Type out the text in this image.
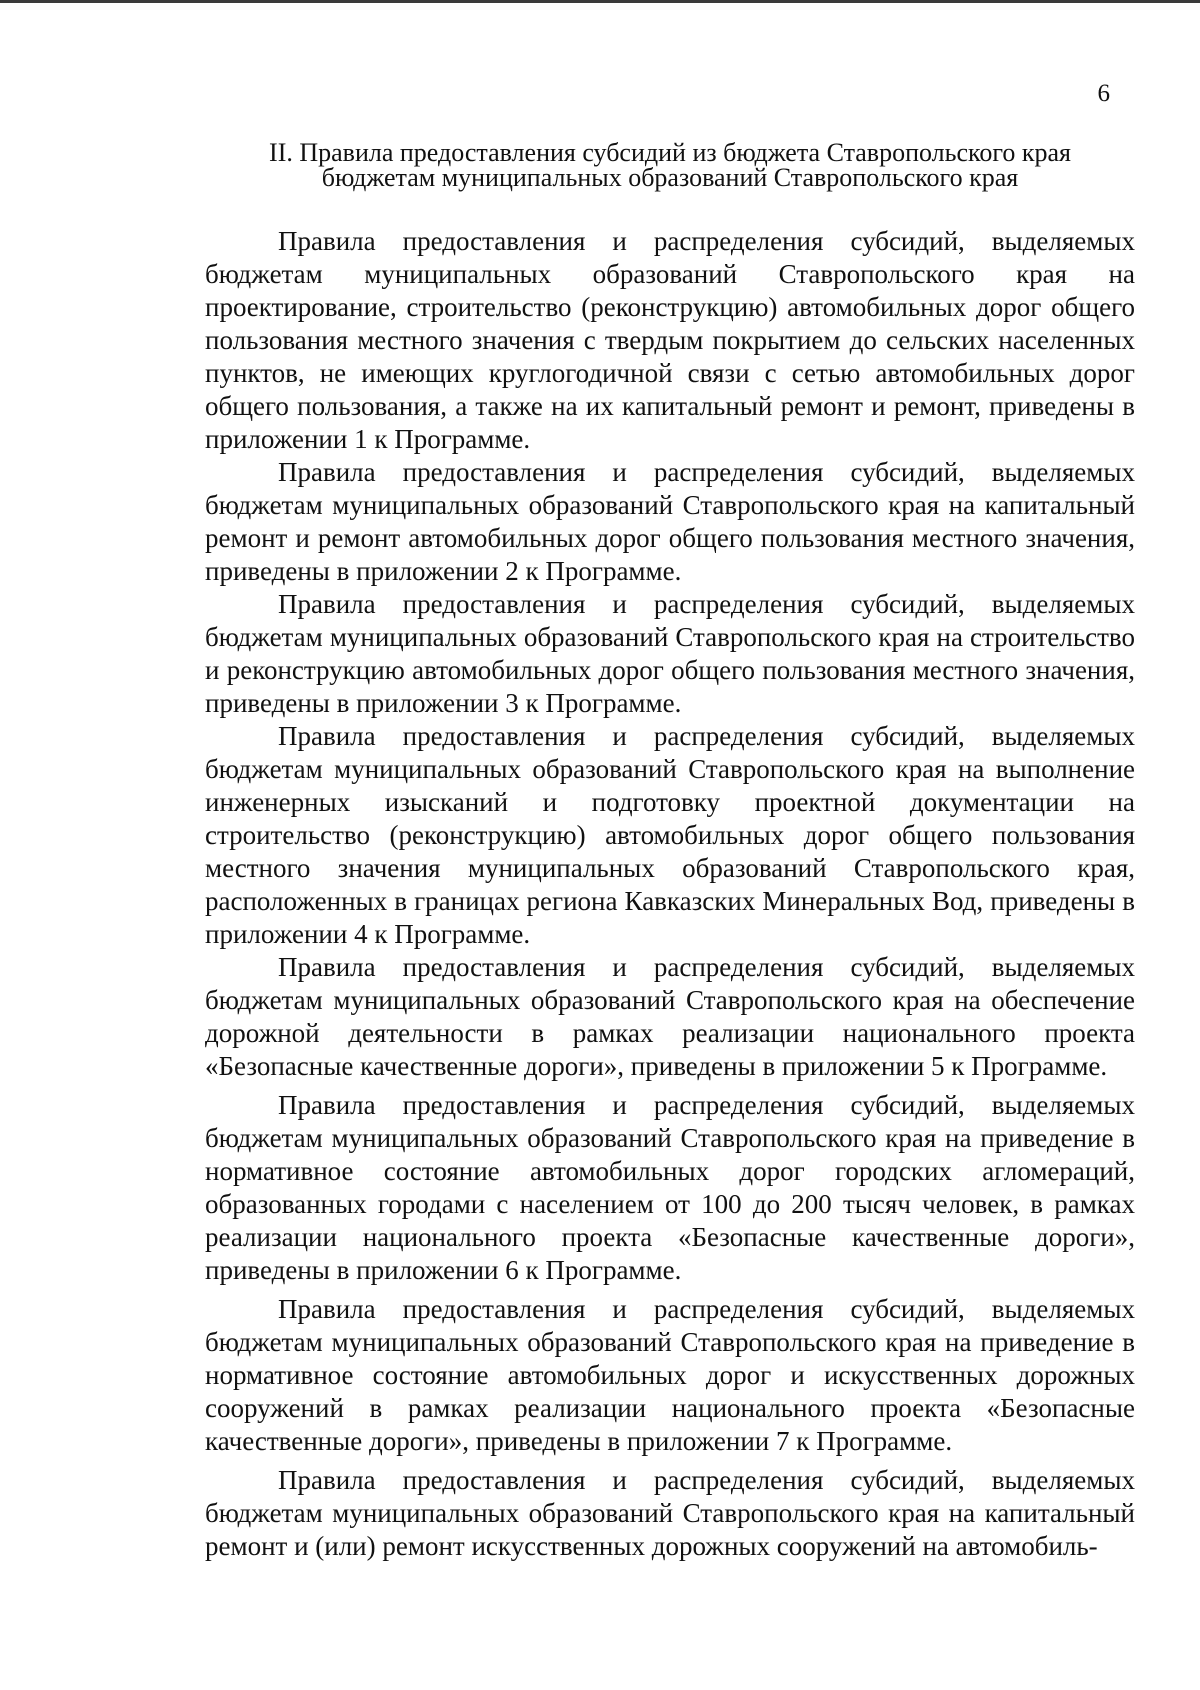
6
II. Правила предоставления субсидий из бюджета Ставропольского края
бюджетам муниципальных образований Ставропольского края

Правила предоставления и распределения субсидий, выделяемых бюджетам муниципальных образований Ставропольского края на проектирование, строительство (реконструкцию) автомобильных дорог общего пользования местного значения с твердым покрытием до сельских населенных пунктов, не имеющих круглогодичной связи с сетью автомобильных дорог общего пользования, а также на их капитальный ремонт и ремонт, приведены в приложении 1 к Программе.

Правила предоставления и распределения субсидий, выделяемых бюджетам муниципальных образований Ставропольского края на капитальный ремонт и ремонт автомобильных дорог общего пользования местного значения, приведены в приложении 2 к Программе.

Правила предоставления и распределения субсидий, выделяемых бюджетам муниципальных образований Ставропольского края на строительство и реконструкцию автомобильных дорог общего пользования местного значения, приведены в приложении 3 к Программе.

Правила предоставления и распределения субсидий, выделяемых бюджетам муниципальных образований Ставропольского края на выполнение инженерных изысканий и подготовку проектной документации на строительство (реконструкцию) автомобильных дорог общего пользования местного значения муниципальных образований Ставропольского края, расположенных в границах региона Кавказских Минеральных Вод, приведены в приложении 4 к Программе.

Правила предоставления и распределения субсидий, выделяемых бюджетам муниципальных образований Ставропольского края на обеспечение дорожной деятельности в рамках реализации национального проекта «Безопасные качественные дороги», приведены в приложении 5 к Программе.

Правила предоставления и распределения субсидий, выделяемых бюджетам муниципальных образований Ставропольского края на приведение в нормативное состояние автомобильных дорог городских агломераций, образованных городами с населением от 100 до 200 тысяч человек, в рамках реализации национального проекта «Безопасные качественные дороги», приведены в приложении 6 к Программе.

Правила предоставления и распределения субсидий, выделяемых бюджетам муниципальных образований Ставропольского края на приведение в нормативное состояние автомобильных дорог и искусственных дорожных сооружений в рамках реализации национального проекта «Безопасные качественные дороги», приведены в приложении 7 к Программе.

Правила предоставления и распределения субсидий, выделяемых бюджетам муниципальных образований Ставропольского края на капитальный ремонт и (или) ремонт искусственных дорожных сооружений на автомобиль-
